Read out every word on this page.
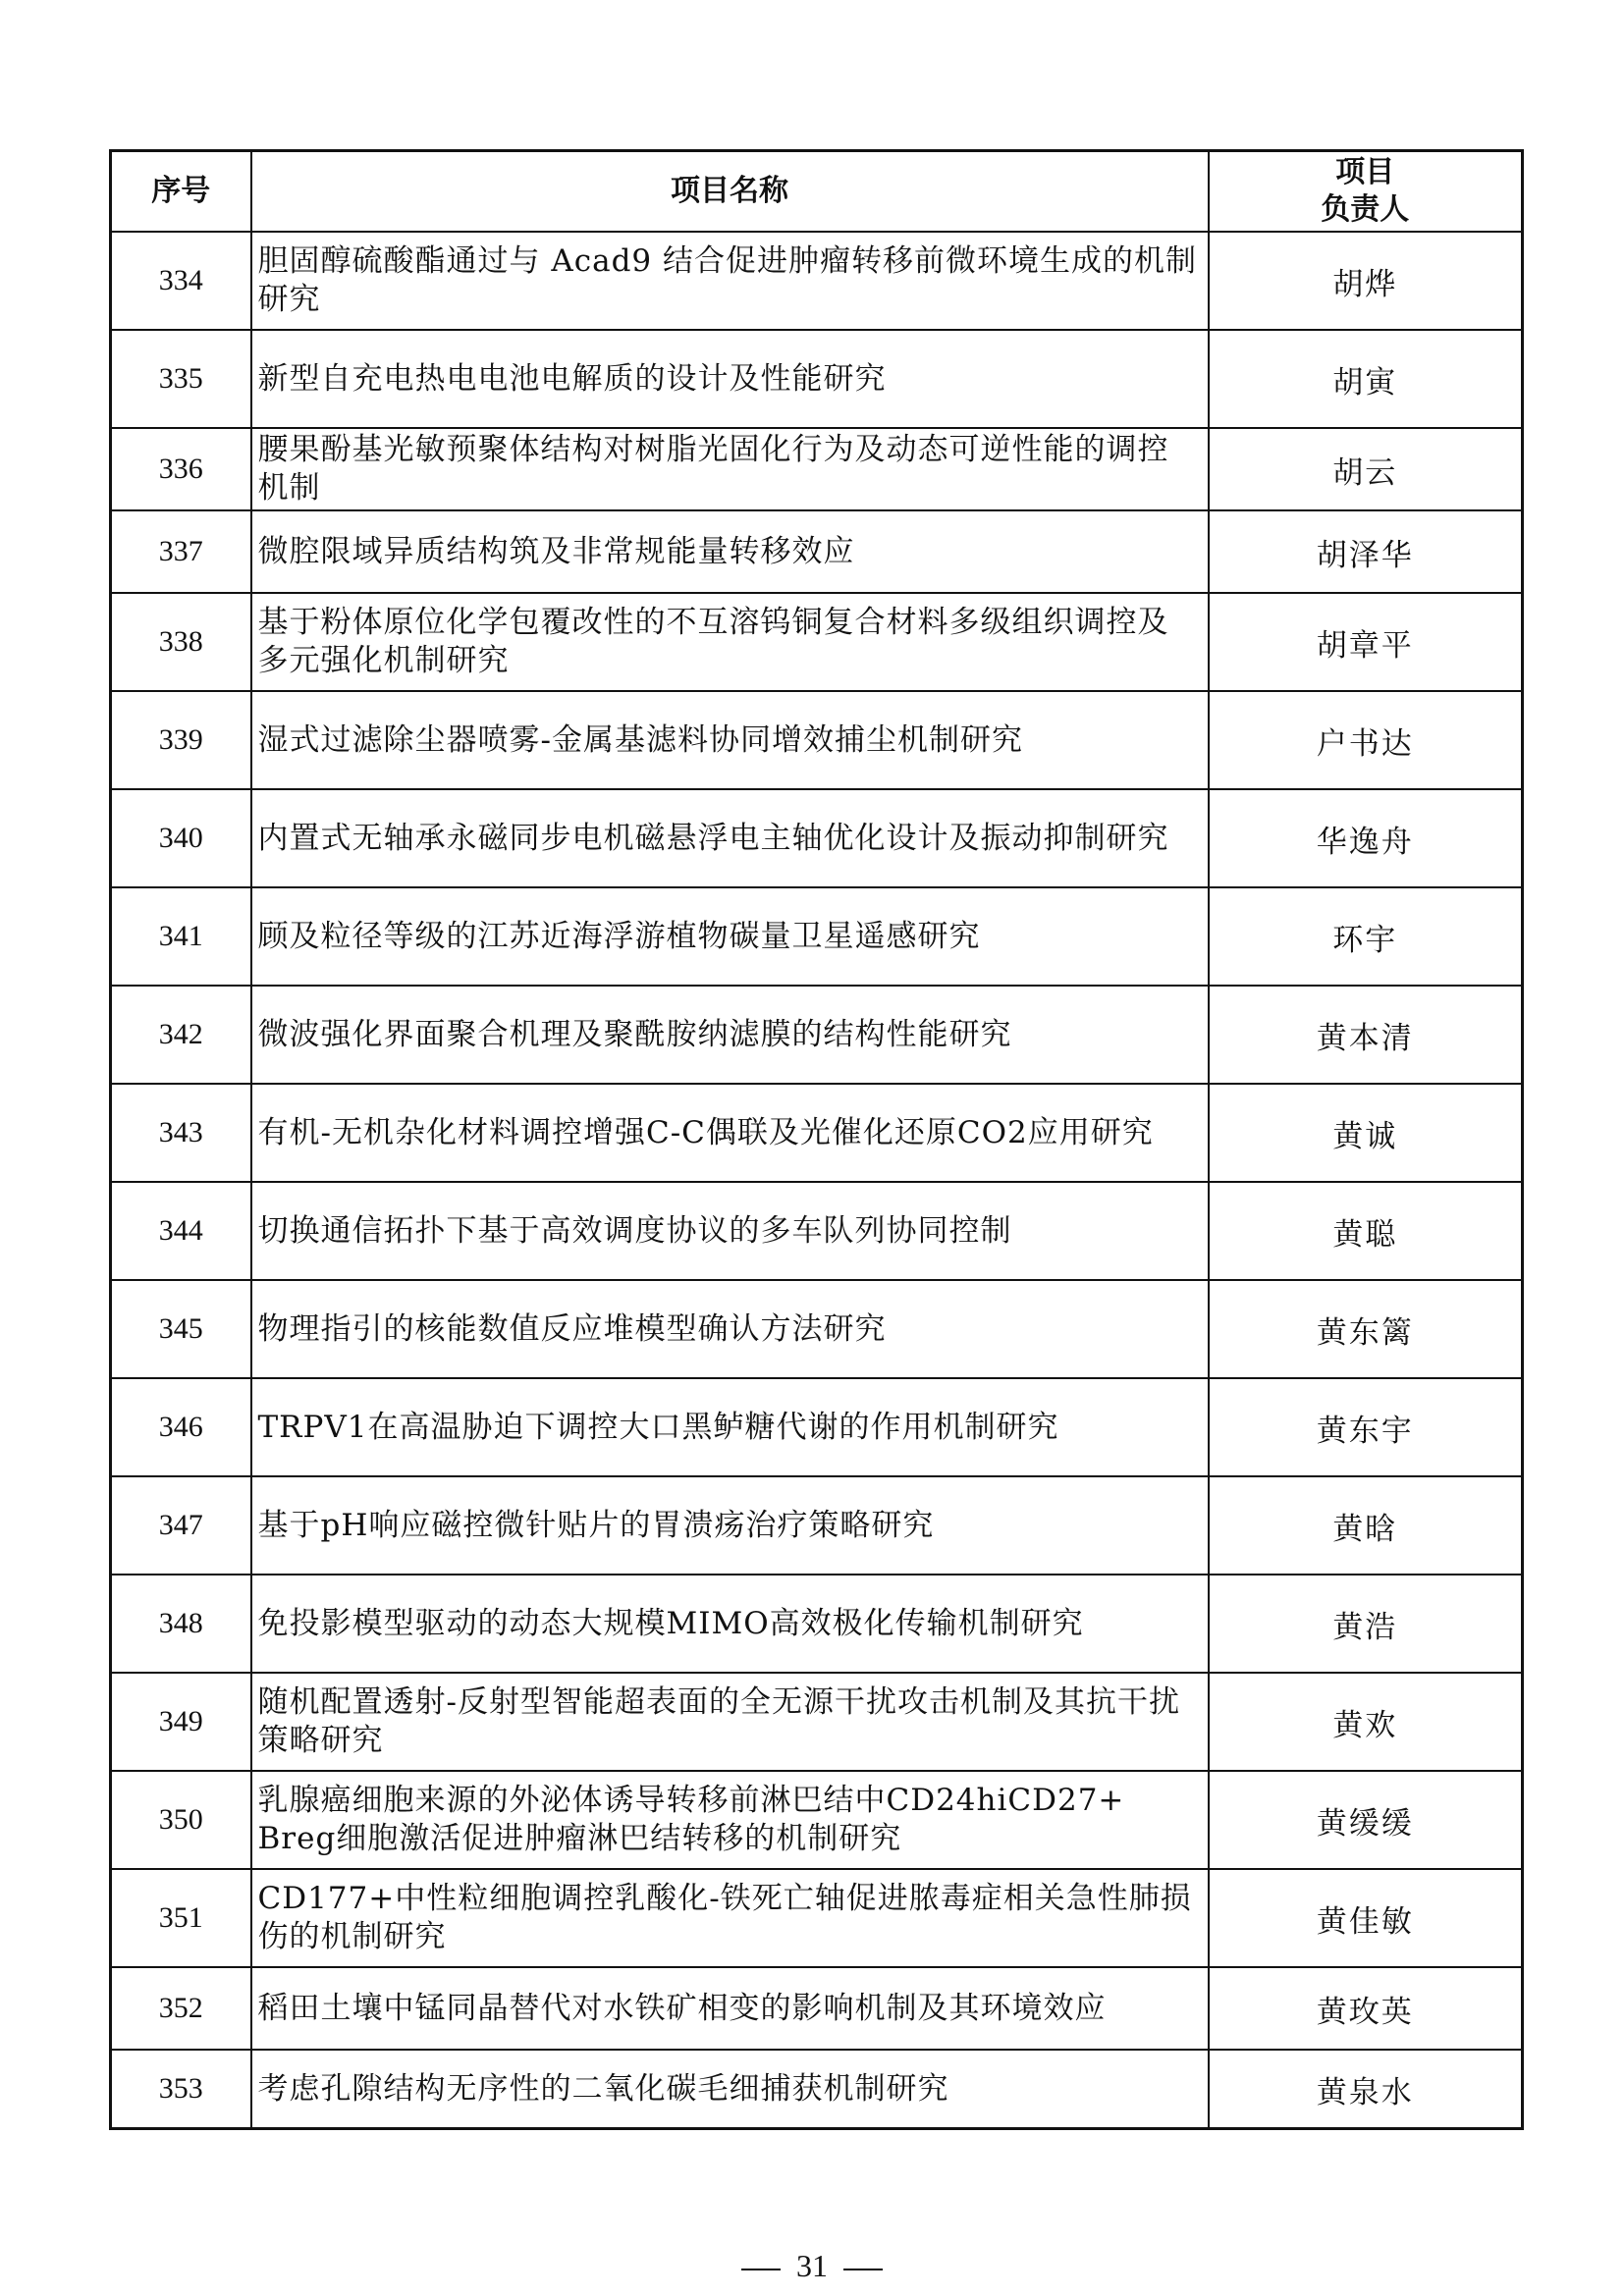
序号	项目名称	项目
负责人

334	胆固醇硫酸酯通过与 Acad9 结合促进肿瘤转移前微环境生成的机制研究	胡烨
335	新型自充电热电电池电解质的设计及性能研究	胡寅
336	腰果酚基光敏预聚体结构对树脂光固化行为及动态可逆性能的调控机制	胡云
337	微腔限域异质结构筑及非常规能量转移效应	胡泽华
338	基于粉体原位化学包覆改性的不互溶钨铜复合材料多级组织调控及多元强化机制研究	胡章平
339	湿式过滤除尘器喷雾-金属基滤料协同增效捕尘机制研究	户书达
340	内置式无轴承永磁同步电机磁悬浮电主轴优化设计及振动抑制研究	华逸舟
341	顾及粒径等级的江苏近海浮游植物碳量卫星遥感研究	环宇
342	微波强化界面聚合机理及聚酰胺纳滤膜的结构性能研究	黄本清
343	有机-无机杂化材料调控增强C-C偶联及光催化还原CO2应用研究	黄诚
344	切换通信拓扑下基于高效调度协议的多车队列协同控制	黄聪
345	物理指引的核能数值反应堆模型确认方法研究	黄东篱
346	TRPV1在高温胁迫下调控大口黑鲈糖代谢的作用机制研究	黄东宇
347	基于pH响应磁控微针贴片的胃溃疡治疗策略研究	黄晗
348	免投影模型驱动的动态大规模MIMO高效极化传输机制研究	黄浩
349	随机配置透射-反射型智能超表面的全无源干扰攻击机制及其抗干扰策略研究	黄欢
350	乳腺癌细胞来源的外泌体诱导转移前淋巴结中CD24hiCD27+ Breg细胞激活促进肿瘤淋巴结转移的机制研究	黄缓缓
351	CD177+中性粒细胞调控乳酸化-铁死亡轴促进脓毒症相关急性肺损伤的机制研究	黄佳敏
352	稻田土壤中锰同晶替代对水铁矿相变的影响机制及其环境效应	黄玫英
353	考虑孔隙结构无序性的二氧化碳毛细捕获机制研究	黄泉水
31
